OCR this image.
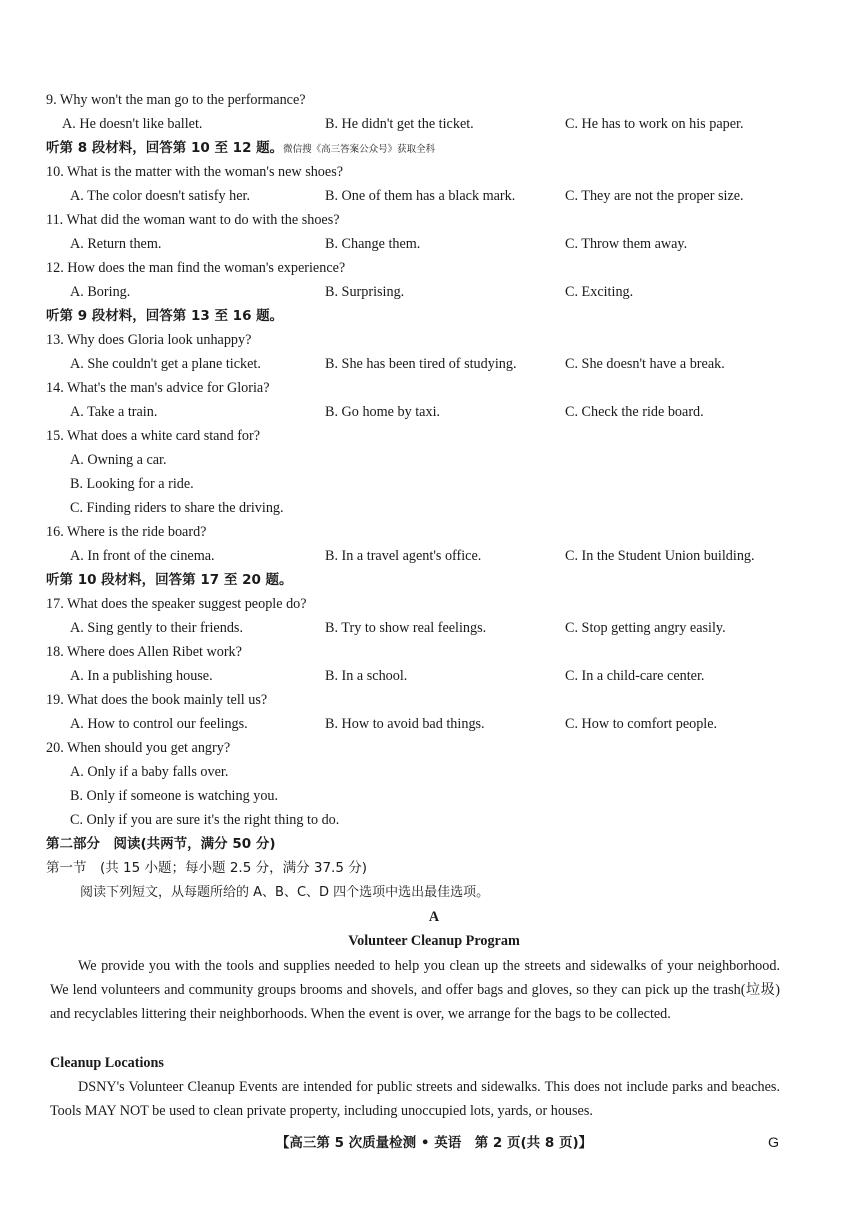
9. Why won't the man go to the performance?
A. He doesn't like ballet.	B. He didn't get the ticket.	C. He has to work on his paper.
听第 8 段材料，回答第 10 至 12 题。微信搜《高三答案公众号》获取全科
10. What is the matter with the woman's new shoes?
A. The color doesn't satisfy her.	B. One of them has a black mark.	C. They are not the proper size.
11. What did the woman want to do with the shoes?
A. Return them.	B. Change them.	C. Throw them away.
12. How does the man find the woman's experience?
A. Boring.	B. Surprising.	C. Exciting.
听第 9 段材料，回答第 13 至 16 题。
13. Why does Gloria look unhappy?
A. She couldn't get a plane ticket.	B. She has been tired of studying.	C. She doesn't have a break.
14. What's the man's advice for Gloria?
A. Take a train.	B. Go home by taxi.	C. Check the ride board.
15. What does a white card stand for?
A. Owning a car.
B. Looking for a ride.
C. Finding riders to share the driving.
16. Where is the ride board?
A. In front of the cinema.	B. In a travel agent's office.	C. In the Student Union building.
听第 10 段材料，回答第 17 至 20 题。
17. What does the speaker suggest people do?
A. Sing gently to their friends.	B. Try to show real feelings.	C. Stop getting angry easily.
18. Where does Allen Ribet work?
A. In a publishing house.	B. In a school.	C. In a child-care center.
19. What does the book mainly tell us?
A. How to control our feelings.	B. How to avoid bad things.	C. How to comfort people.
20. When should you get angry?
A. Only if a baby falls over.
B. Only if someone is watching you.
C. Only if you are sure it's the right thing to do.
第二部分　阅读(共两节，满分 50 分)
第一节　(共 15 小题；每小题 2.5 分，满分 37.5 分)
阅读下列短文，从每题所给的 A、B、C、D 四个选项中选出最佳选项。
A
Volunteer Cleanup Program

We provide you with the tools and supplies needed to help you clean up the streets and sidewalks of your neighborhood. We lend volunteers and community groups brooms and shovels, and offer bags and gloves, so they can pick up the trash(垃圾) and recyclables littering their neighborhoods. When the event is over, we arrange for the bags to be collected.

Cleanup Locations

DSNY's Volunteer Cleanup Events are intended for public streets and sidewalks. This does not include parks and beaches. Tools MAY NOT be used to clean private property, including unoccupied lots, yards, or houses.

【高三第 5 次质量检测 • 英语　第 2 页(共 8 页)】	G
